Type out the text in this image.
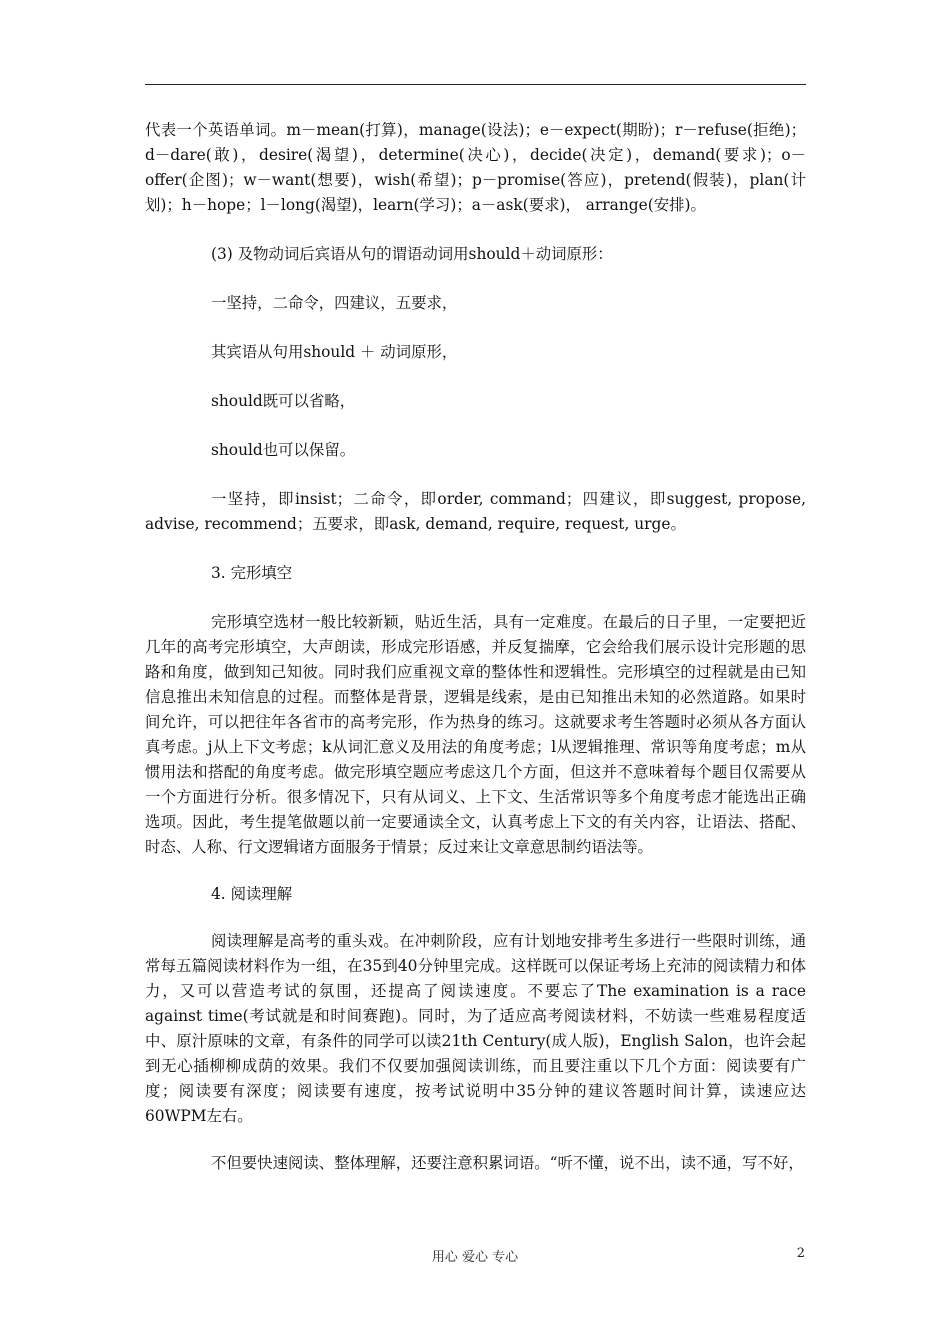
代表一个英语单词。m－mean(打算)，manage(设法)；e－expect(期盼)；r－refuse(拒绝)；d－dare(敢)，desire(渴望)，determine(决心)，decide(决定)，demand(要求)；o－offer(企图)；w－want(想要)，wish(希望)；p－promise(答应)，pretend(假装)，plan(计划)；h－hope；l－long(渴望)，learn(学习)；a－ask(要求)， arrange(安排)。

(3) 及物动词后宾语从句的谓语动词用should＋动词原形：

一坚持，二命令，四建议，五要求，

其宾语从句用should ＋ 动词原形，

should既可以省略，

should也可以保留。

一坚持，即insist；二命令，即order, command；四建议，即suggest, propose, advise, recommend；五要求，即ask, demand, require, request, urge。

3. 完形填空

完形填空选材一般比较新颖，贴近生活，具有一定难度。在最后的日子里，一定要把近几年的高考完形填空，大声朗读，形成完形语感，并反复揣摩，它会给我们展示设计完形题的思路和角度，做到知己知彼。同时我们应重视文章的整体性和逻辑性。完形填空的过程就是由已知信息推出未知信息的过程。而整体是背景，逻辑是线索，是由已知推出未知的必然道路。如果时间允许，可以把往年各省市的高考完形，作为热身的练习。这就要求考生答题时必须从各方面认真考虑。j从上下文考虑；k从词汇意义及用法的角度考虑；l从逻辑推理、常识等角度考虑；m从惯用法和搭配的角度考虑。做完形填空题应考虑这几个方面，但这并不意味着每个题目仅需要从一个方面进行分析。很多情况下，只有从词义、上下文、生活常识等多个角度考虑才能选出正确选项。因此，考生提笔做题以前一定要通读全文，认真考虑上下文的有关内容，让语法、搭配、时态、人称、行文逻辑诸方面服务于情景；反过来让文章意思制约语法等。

4. 阅读理解

阅读理解是高考的重头戏。在冲刺阶段，应有计划地安排考生多进行一些限时训练，通常每五篇阅读材料作为一组，在35到40分钟里完成。这样既可以保证考场上充沛的阅读精力和体力，又可以营造考试的氛围，还提高了阅读速度。不要忘了The examination is a race against time(考试就是和时间赛跑)。同时，为了适应高考阅读材料，不妨读一些难易程度适中、原汁原味的文章，有条件的同学可以读21th Century(成人版)，English Salon，也许会起到无心插柳柳成荫的效果。我们不仅要加强阅读训练，而且要注重以下几个方面：阅读要有广度；阅读要有深度；阅读要有速度，按考试说明中35分钟的建议答题时间计算，读速应达60WPM左右。

不但要快速阅读、整体理解，还要注意积累词语。“听不懂，说不出，读不通，写不好，

用心 爱心 专心	2
